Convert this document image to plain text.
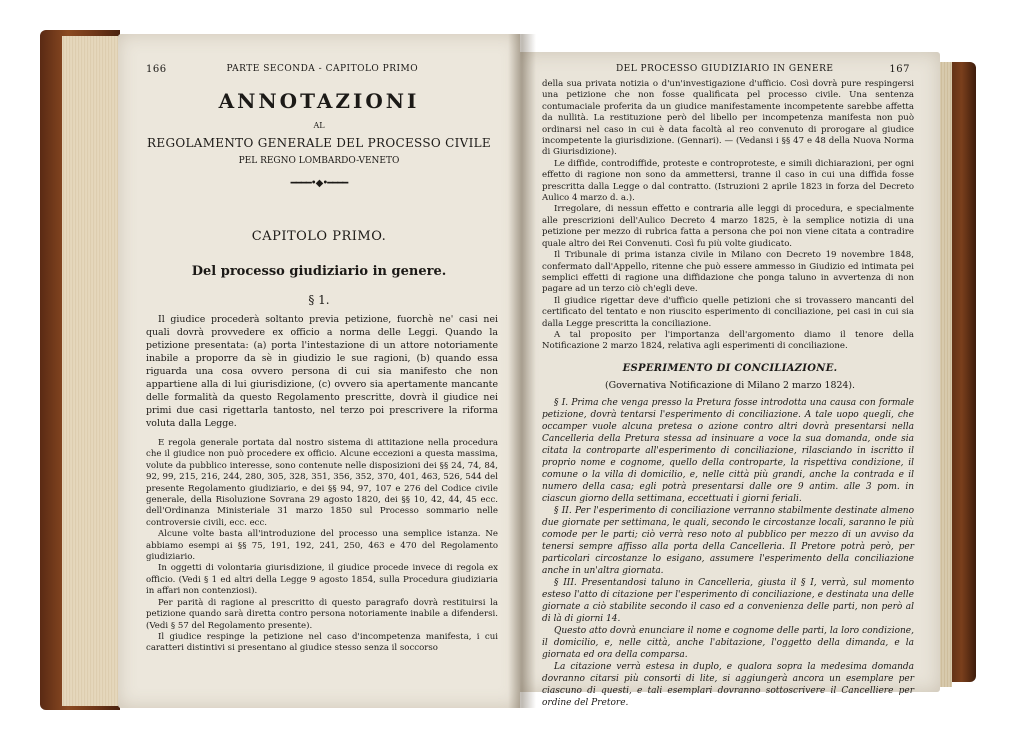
166	PARTE SECONDA - CAPITOLO PRIMO
ANNOTAZIONI
AL
REGOLAMENTO GENERALE DEL PROCESSO CIVILE
PEL REGNO LOMBARDO-VENETO
━━━━•◆•━━━━
CAPITOLO PRIMO.
Del processo giudiziario in genere.
§ 1.

Il giudice procederà soltanto previa petizione, fuorchè ne' casi nei quali dovrà provvedere ex officio a norma delle Leggi. Quando la petizione presentata: (a) porta l'intestazione di un attore notoriamente inabile a proporre da sè in giudizio le sue ragioni, (b) quando essa riguarda una cosa ovvero persona di cui sia manifesto che non appartiene alla di lui giurisdizione, (c) ovvero sia apertamente mancante delle formalità da questo Regolamento prescritte, dovrà il giudice nei primi due casi rigettarla tantosto, nel terzo poi prescrivere la riforma voluta dalla Legge.

E regola generale portata dal nostro sistema di attitazione nella procedura che il giudice non può procedere ex officio. Alcune eccezioni a questa massima, volute da pubblico interesse, sono contenute nelle disposizioni dei §§ 24, 74, 84, 92, 99, 215, 216, 244, 280, 305, 328, 351, 356, 352, 370, 401, 463, 526, 544 del presente Regolamento giudiziario, e dei §§ 94, 97, 107 e 276 del Codice civile generale, della Risoluzione Sovrana 29 agosto 1820, dei §§ 10, 42, 44, 45 ecc. dell'Ordinanza Ministeriale 31 marzo 1850 sul Processo sommario nelle controversie civili, ecc. ecc.

Alcune volte basta all'introduzione del processo una semplice istanza. Ne abbiamo esempi ai §§ 75, 191, 192, 241, 250, 463 e 470 del Regolamento giudiziario.

In oggetti di volontaria giurisdizione, il giudice procede invece di regola ex officio. (Vedi § 1 ed altri della Legge 9 agosto 1854, sulla Procedura giudiziaria in affari non contenziosi).

Per parità di ragione al prescritto di questo paragrafo dovrà restituirsi la petizione quando sarà diretta contro persona notoriamente inabile a difendersi. (Vedi § 57 del Regolamento presente).

Il giudice respinge la petizione nel caso d'incompetenza manifesta, i cui caratteri distintivi si presentano al giudice stesso senza il soccorso

DEL PROCESSO GIUDIZIARIO IN GENERE	167

della sua privata notizia o d'un'investigazione d'ufficio. Così dovrà pure respingersi una petizione che non fosse qualificata pel processo civile. Una sentenza contumaciale proferita da un giudice manifestamente incompetente sarebbe affetta da nullità. La restituzione però del libello per incompetenza manifesta non può ordinarsi nel caso in cui è data facoltà al reo convenuto di prorogare al giudice incompetente la giurisdizione. (Gennari). — (Vedansi i §§ 47 e 48 della Nuova Norma di Giurisdizione).

Le diffide, controdiffide, proteste e controproteste, e simili dichiarazioni, per ogni effetto di ragione non sono da ammettersi, tranne il caso in cui una diffida fosse prescritta dalla Legge o dal contratto. (Istruzioni 2 aprile 1823 in forza del Decreto Aulico 4 marzo d. a.).

Irregolare, di nessun effetto e contraria alle leggi di procedura, e specialmente alle prescrizioni dell'Aulico Decreto 4 marzo 1825, è la semplice notizia di una petizione per mezzo di rubrica fatta a persona che poi non viene citata a contradire quale altro dei Rei Convenuti. Così fu più volte giudicato.

Il Tribunale di prima istanza civile in Milano con Decreto 19 novembre 1848, confermato dall'Appello, ritenne che può essere ammesso in Giudizio ed intimata pei semplici effetti di ragione una diffidazione che ponga taluno in avvertenza di non pagare ad un terzo ciò ch'egli deve.

Il giudice rigettar deve d'ufficio quelle petizioni che si trovassero mancanti del certificato del tentato e non riuscito esperimento di conciliazione, pei casi in cui sia dalla Legge prescritta la conciliazione.

A tal proposito per l'importanza dell'argomento diamo il tenore della Notificazione 2 marzo 1824, relativa agli esperimenti di conciliazione.

ESPERIMENTO DI CONCILIAZIONE.
(Governativa Notificazione di Milano 2 marzo 1824).

§ I. Prima che venga presso la Pretura fosse introdotta una causa con formale petizione, dovrà tentarsi l'esperimento di conciliazione. A tale uopo quegli, che occamper vuole alcuna pretesa o azione contro altri dovrà presentarsi nella Cancelleria della Pretura stessa ad insinuare a voce la sua domanda, onde sia citata la controparte all'esperimento di conciliazione, rilasciando in iscritto il proprio nome e cognome, quello della controparte, la rispettiva condizione, il comune o la villa di domicilio, e, nelle città più grandi, anche la contrada e il numero della casa; egli potrà presentarsi dalle ore 9 antim. alle 3 pom. in ciascun giorno della settimana, eccettuati i giorni feriali.

§ II. Per l'esperimento di conciliazione verranno stabilmente destinate almeno due giornate per settimana, le quali, secondo le circostanze locali, saranno le più comode per le parti; ciò verrà reso noto al pubblico per mezzo di un avviso da tenersi sempre affisso alla porta della Cancelleria. Il Pretore potrà però, per particolari circostanze lo esigano, assumere l'esperimento della conciliazione anche in un'altra giornata.

§ III. Presentandosi taluno in Cancelleria, giusta il § I, verrà, sul momento esteso l'atto di citazione per l'esperimento di conciliazione, e destinata una delle giornate a ciò stabilite secondo il caso ed a convenienza delle parti, non però al di là di giorni 14.

Questo atto dovrà enunciare il nome e cognome delle parti, la loro condizione, il domicilio, e, nelle città, anche l'abitazione, l'oggetto della dimanda, e la giornata ed ora della comparsa.

La citazione verrà estesa in duplo, e qualora sopra la medesima domanda dovranno citarsi più consorti di lite, si aggiungerà ancora un esemplare per ciascuno di questi, e tali esemplari dovranno sottoscrivere il Cancelliere per ordine del Pretore.
